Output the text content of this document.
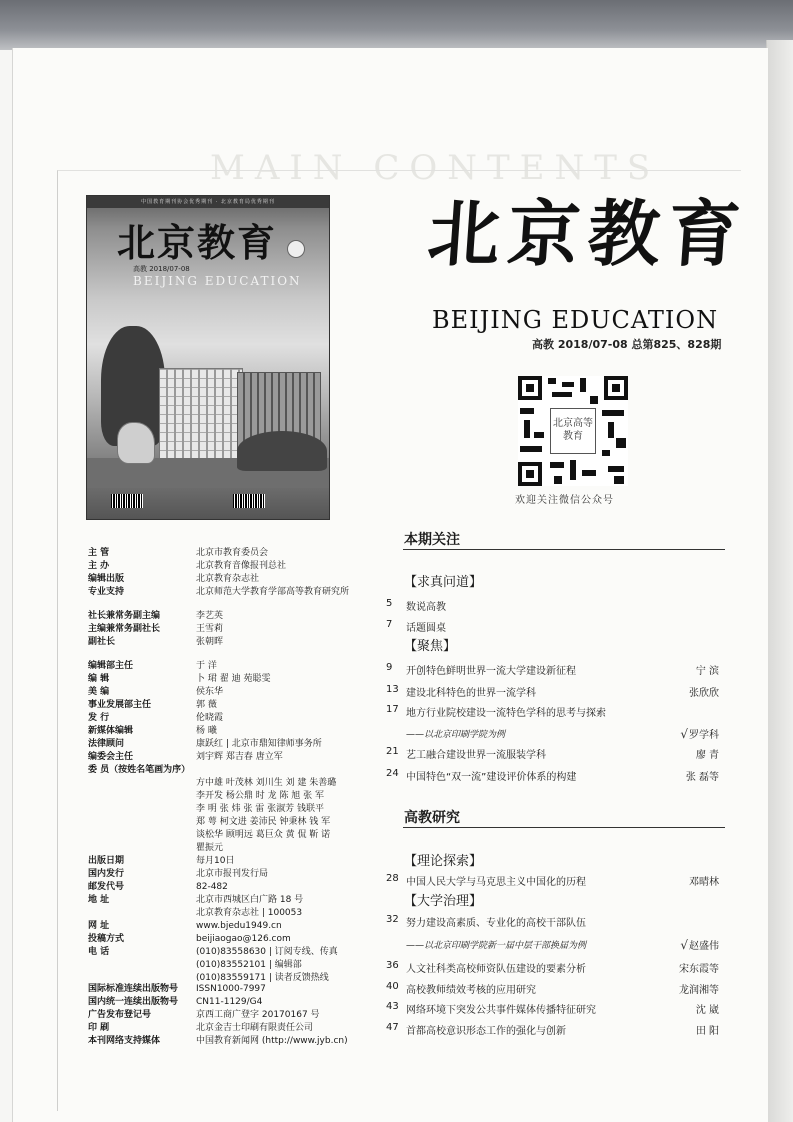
MAIN CONTENTS
中国教育期刊协会优秀期刊 · 北京教育局优秀期刊
北京教育
高教 2018/07-08
BEIJING EDUCATION
北京教育
BEIJING EDUCATION
高教 2018/07-08 总第825、828期
北京高等教育
欢迎关注微信公众号
主 管	北京市教育委员会
主 办	北京教育音像报刊总社
编辑出版	北京教育杂志社
专业支持	北京师范大学教育学部高等教育研究所
社长兼常务副主编	李艺英
主编兼常务副社长	王雪莉
副社长	张朝晖
编辑部主任	于 洋
编 辑	卜 珺 翟 迪 苑聪雯
美 编	侯东华
事业发展部主任	郭 薇
发 行	伦晓霞
新媒体编辑	杨 曦
法律顾问	康跃红 | 北京市鼎知律师事务所
编委会主任	刘宇辉 郑吉春 唐立军
委 员（按姓名笔画为序）
方中雄 叶茂林 刘川生 刘 建 朱善璐
李开发 杨公鼎 时 龙 陈 旭 张 军
李 明 张 炜 张 雷 张淑芳 钱联平
郑 萼 柯文进 姜沛民 钟秉林 钱 军
谈松华 顾明远 葛巨众 黄 侃 靳 诺
瞿振元
出版日期	每月10日
国内发行	北京市报刊发行局
邮发代号	82-482
地 址	北京市西城区白广路 18 号
北京教育杂志社 | 100053
网 址	www.bjedu1949.cn
投稿方式	beijiaogao@126.com
电 话	(010)83558630 | 订阅专线、传真
(010)83552101 | 编辑部
(010)83559171 | 读者反馈热线
国际标准连续出版物号 ISSN1000-7997
国内统一连续出版物号 CN11-1129/G4
广告发布登记号	京西工商广登字 20170167 号
印 刷	北京金吉士印刷有限责任公司
本刊网络支持媒体	中国教育新闻网 (http://www.jyb.cn)
本期关注
【求真问道】
【聚焦】
高教研究
【理论探索】
【大学治理】
5 数说高教
7 话题圆桌
9 开创特色鲜明世界一流大学建设新征程	宁 滨
13 建设北科特色的世界一流学科	张欣欣
17 地方行业院校建设一流特色学科的思考与探索
——以北京印刷学院为例	√罗学科
21 艺工融合建设世界一流服装学科	廖 青
24 中国特色“双一流”建设评价体系的构建	张 磊等
28 中国人民大学与马克思主义中国化的历程	邓晴林
32 努力建设高素质、专业化的高校干部队伍
——以北京印刷学院新一届中层干部换届为例	√赵盛伟
36 人文社科类高校师资队伍建设的要素分析	宋东霞等
40 高校教师绩效考核的应用研究	龙润湘等
43 网络环境下突发公共事件媒体传播特征研究	沈 崴
47 首都高校意识形态工作的强化与创新	田 阳
